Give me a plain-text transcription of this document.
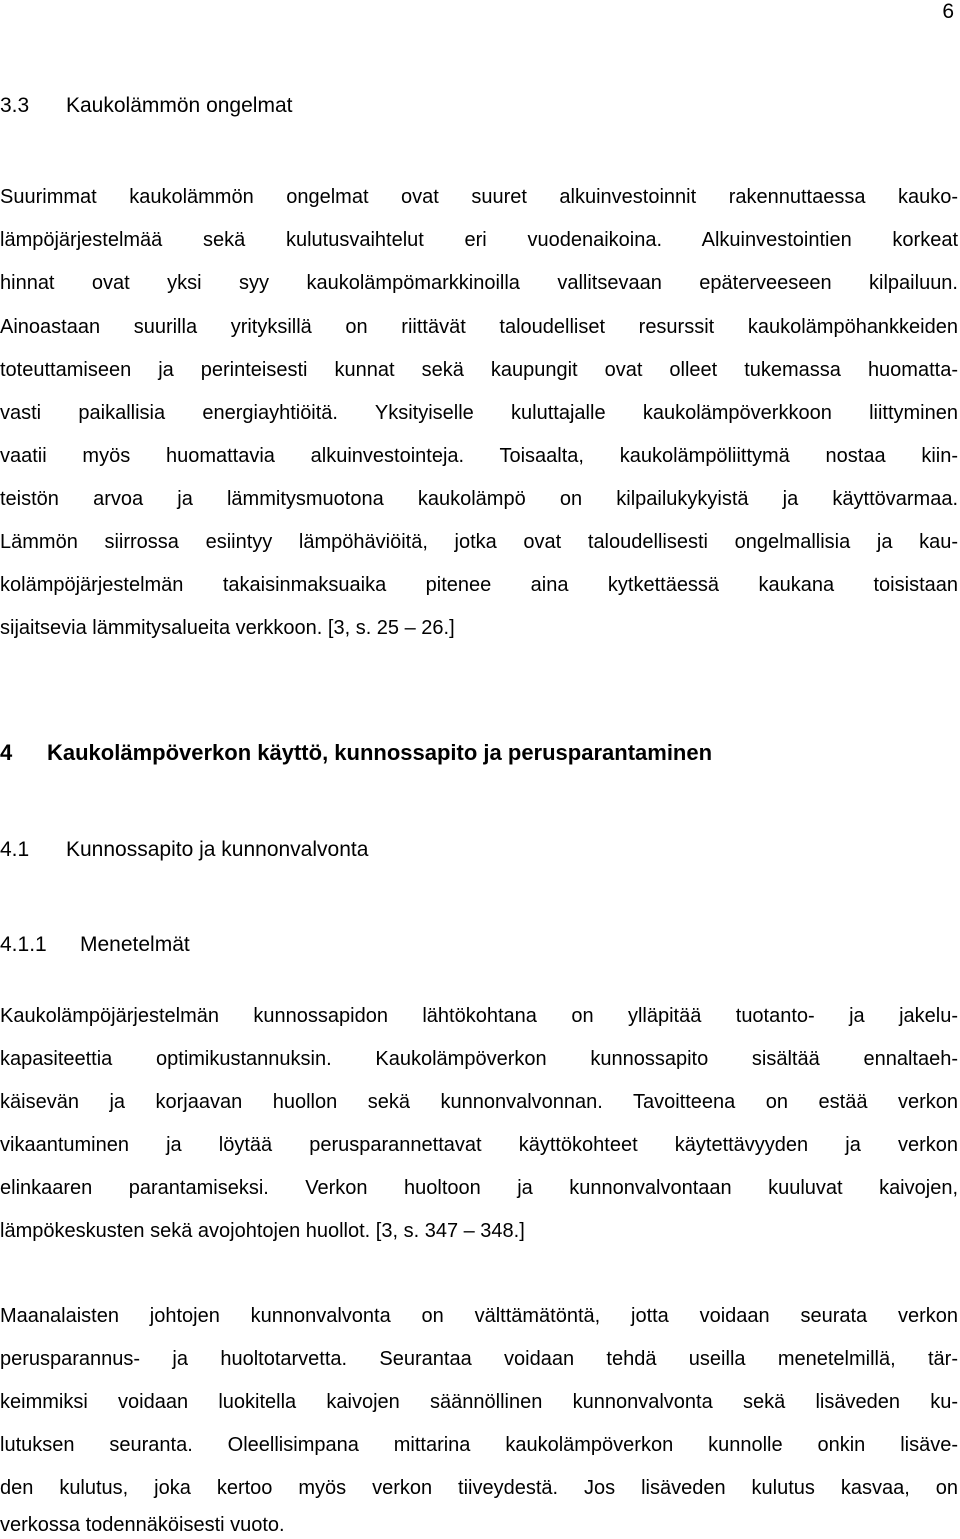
6
3.3 Kaukolämmön ongelmat
Suurimmat kaukolämmön ongelmat ovat suuret alkuinvestoinnit rakennuttaessa kauko-
lämpöjärjestelmää sekä kulutusvaihtelut eri vuodenaikoina. Alkuinvestointien korkeat
hinnat ovat yksi syy kaukolämpömarkkinoilla vallitsevaan epäterveeseen kilpailuun.
Ainoastaan suurilla yrityksillä on riittävät taloudelliset resurssit kaukolämpöhankkeiden
toteuttamiseen ja perinteisesti kunnat sekä kaupungit ovat olleet tukemassa huomatta-
vasti paikallisia energiayhtiöitä. Yksityiselle kuluttajalle kaukolämpöverkkoon liittyminen
vaatii myös huomattavia alkuinvestointeja. Toisaalta, kaukolämpöliittymä nostaa kiin-
teistön arvoa ja lämmitysmuotona kaukolämpö on kilpailukykyistä ja käyttövarmaa.
Lämmön siirrossa esiintyy lämpöhäviöitä, jotka ovat taloudellisesti ongelmallisia ja kau-
kolämpöjärjestelmän takaisinmaksuaika pitenee aina kytkettäessä kaukana toisistaan
sijaitsevia lämmitysalueita verkkoon. [3, s. 25 – 26.]
4 Kaukolämpöverkon käyttö, kunnossapito ja perusparantaminen
4.1 Kunnossapito ja kunnonvalvonta
4.1.1 Menetelmät
Kaukolämpöjärjestelmän kunnossapidon lähtökohtana on ylläpitää tuotanto- ja jakelu-
kapasiteettia optimikustannuksin. Kaukolämpöverkon kunnossapito sisältää ennaltaeh-
käisevän ja korjaavan huollon sekä kunnonvalvonnan. Tavoitteena on estää verkon
vikaantuminen ja löytää perusparannettavat käyttökohteet käytettävyyden ja verkon
elinkaaren parantamiseksi. Verkon huoltoon ja kunnonvalvontaan kuuluvat kaivojen,
lämpökeskusten sekä avojohtojen huollot. [3, s. 347 – 348.]
Maanalaisten johtojen kunnonvalvonta on välttämätöntä, jotta voidaan seurata verkon
perusparannus- ja huoltotarvetta. Seurantaa voidaan tehdä useilla menetelmillä, tär-
keimmiksi voidaan luokitella kaivojen säännöllinen kunnonvalvonta sekä lisäveden ku-
lutuksen seuranta. Oleellisimpana mittarina kaukolämpöverkon kunnolle onkin lisäve-
den kulutus, joka kertoo myös verkon tiiveydestä. Jos lisäveden kulutus kasvaa, on
verkossa todennäköisesti vuoto.
